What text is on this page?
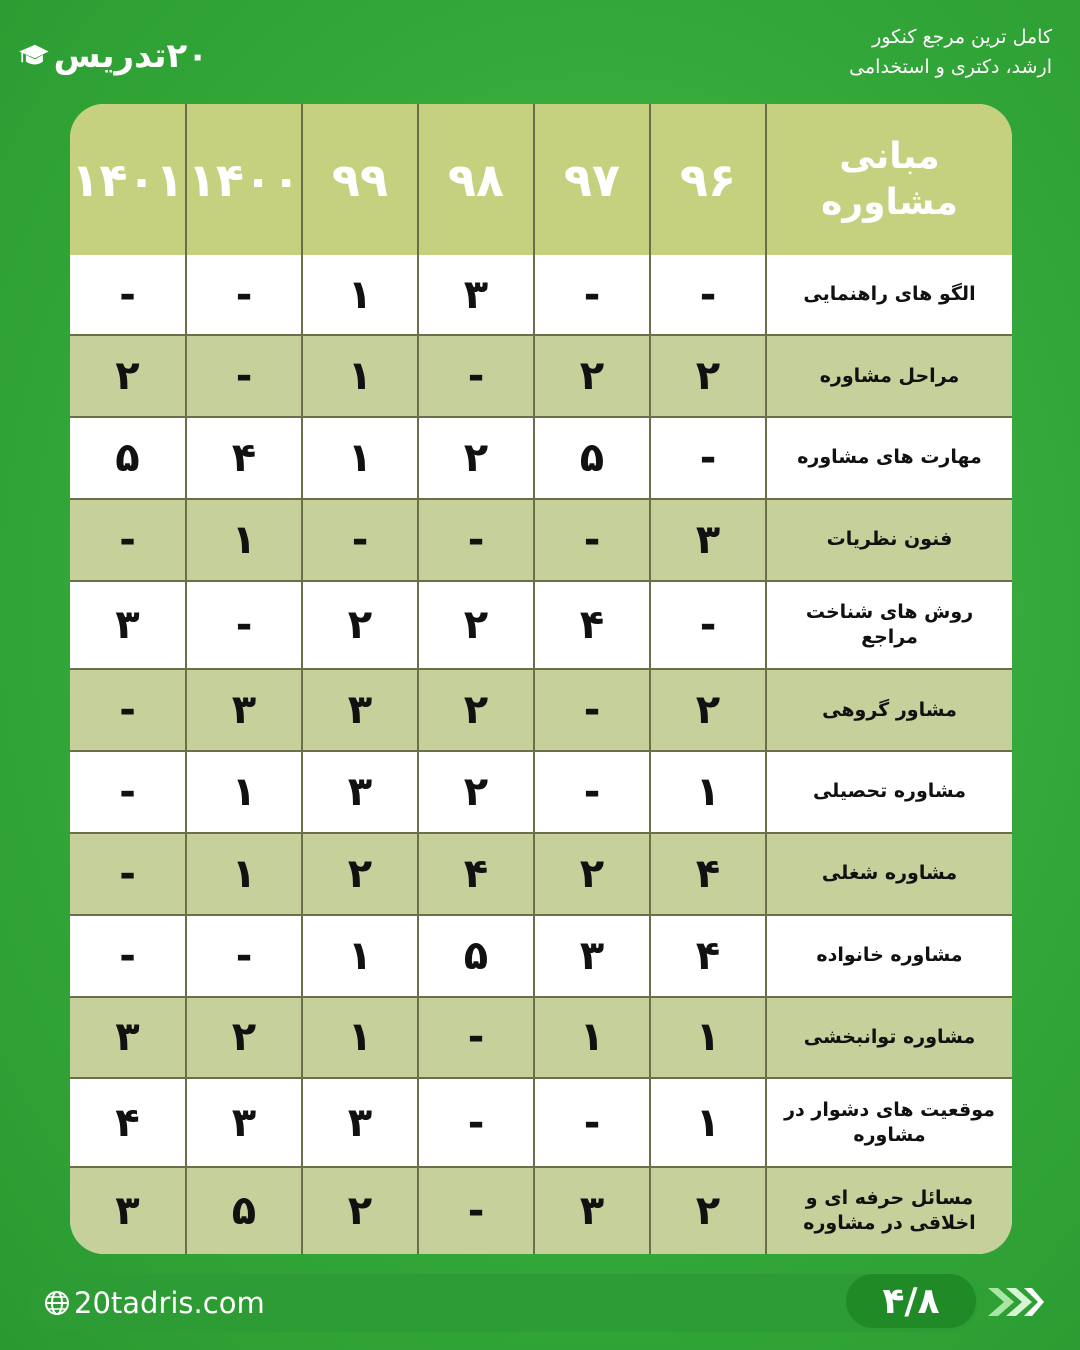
۲۰تدریس	کامل ترین مرجع کنکور
ارشد، دکتری و استخدامی
مبانی مشاوره	۹۶	۹۷	۹۸	۹۹	۱۴۰۰	۱۴۰۱
الگو های راهنمایی	-	-	۳	۱	-	-
مراحل مشاوره	۲	۲	-	۱	-	۲
مهارت های مشاوره	-	۵	۲	۱	۴	۵
فنون نظریات	۳	-	-	-	۱	-
روش های شناخت مراجع	-	۴	۲	۲	-	۳
مشاور گروهی	۲	-	۲	۳	۳	-
مشاوره تحصیلی	۱	-	۲	۳	۱	-
مشاوره شغلی	۴	۲	۴	۲	۱	-
مشاوره خانواده	۴	۳	۵	۱	-	-
مشاوره توانبخشی	۱	۱	-	۱	۲	۳
موقعیت های دشوار در مشاوره	۱	-	-	۳	۳	۴
مسائل حرفه ای و اخلاقی در مشاوره	۲	۳	-	۲	۵	۳
20tadris.com	۴/۸
